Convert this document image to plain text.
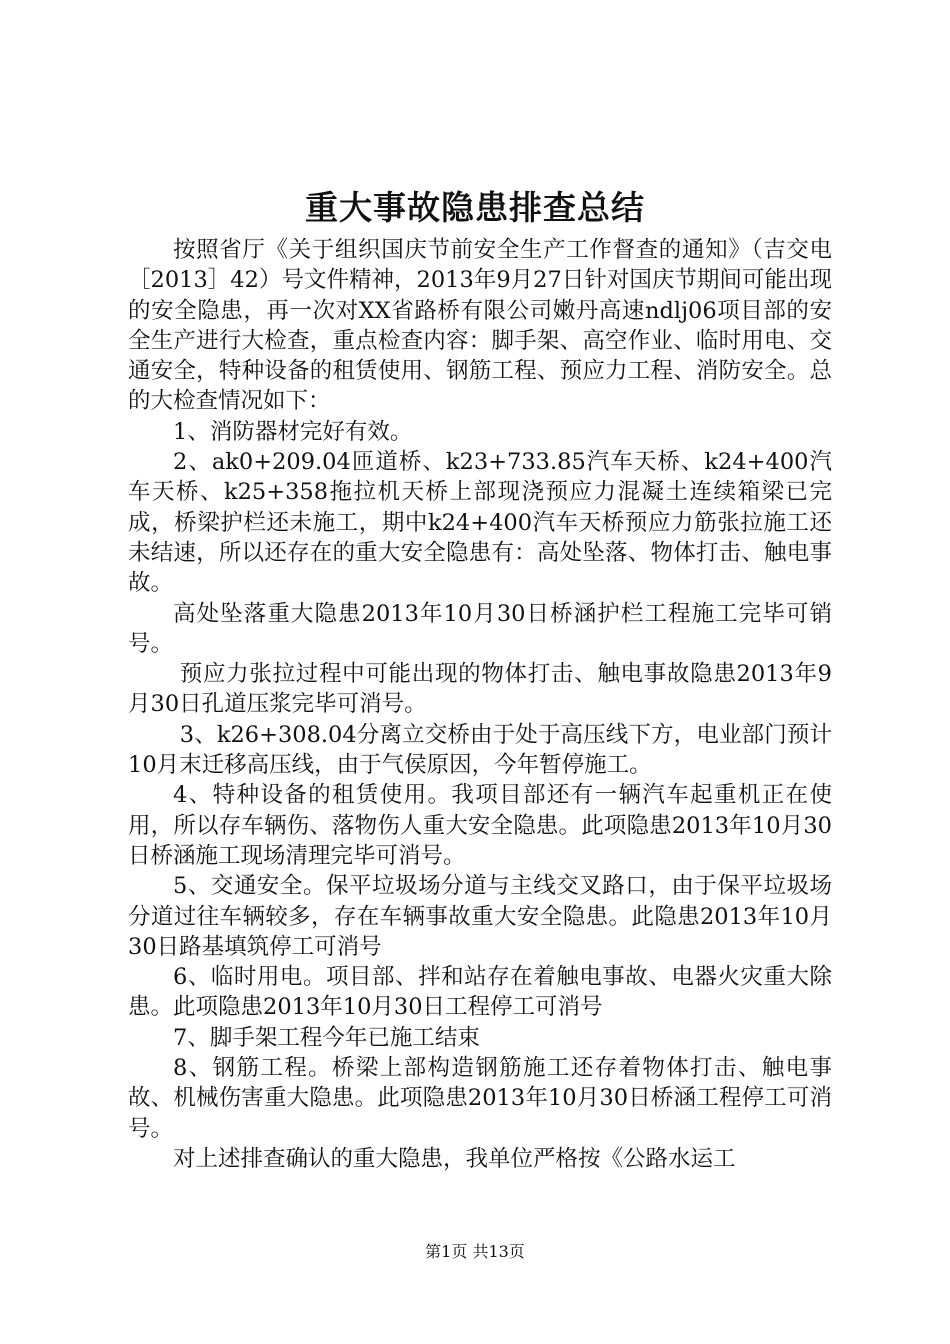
重大事故隐患排查总结

按照省厅《关于组织国庆节前安全生产工作督查的通知》（吉交电［2013］42）号文件精神，2013年9月27日针对国庆节期间可能出现的安全隐患，再一次对XX省路桥有限公司嫩丹高速ndlj06项目部的安全生产进行大检查，重点检查内容：脚手架、高空作业、临时用电、交通安全，特种设备的租赁使用、钢筋工程、预应力工程、消防安全。总的大检查情况如下：

1、消防器材完好有效。

2、ak0+209.04匝道桥、k23+733.85汽车天桥、k24+400汽车天桥、k25+358拖拉机天桥上部现浇预应力混凝土连续箱梁已完成，桥梁护栏还未施工，期中k24+400汽车天桥预应力筋张拉施工还未结速，所以还存在的重大安全隐患有：高处坠落、物体打击、触电事故。

高处坠落重大隐患2013年10月30日桥涵护栏工程施工完毕可销号。

预应力张拉过程中可能出现的物体打击、触电事故隐患2013年9月30日孔道压浆完毕可消号。

3、k26+308.04分离立交桥由于处于高压线下方，电业部门预计10月末迁移高压线，由于气侯原因，今年暂停施工。

4、特种设备的租赁使用。我项目部还有一辆汽车起重机正在使用，所以存车辆伤、落物伤人重大安全隐患。此项隐患2013年10月30日桥涵施工现场清理完毕可消号。

5、交通安全。保平垃圾场分道与主线交叉路口，由于保平垃圾场分道过往车辆较多，存在车辆事故重大安全隐患。此隐患2013年10月30日路基填筑停工可消号

6、临时用电。项目部、拌和站存在着触电事故、电器火灾重大除患。此项隐患2013年10月30日工程停工可消号

7、脚手架工程今年已施工结束

8、钢筋工程。桥梁上部构造钢筋施工还存着物体打击、触电事故、机械伤害重大隐患。此项隐患2013年10月30日桥涵工程停工可消号。

对上述排查确认的重大隐患，我单位严格按《公路水运工

第1页 共13页
